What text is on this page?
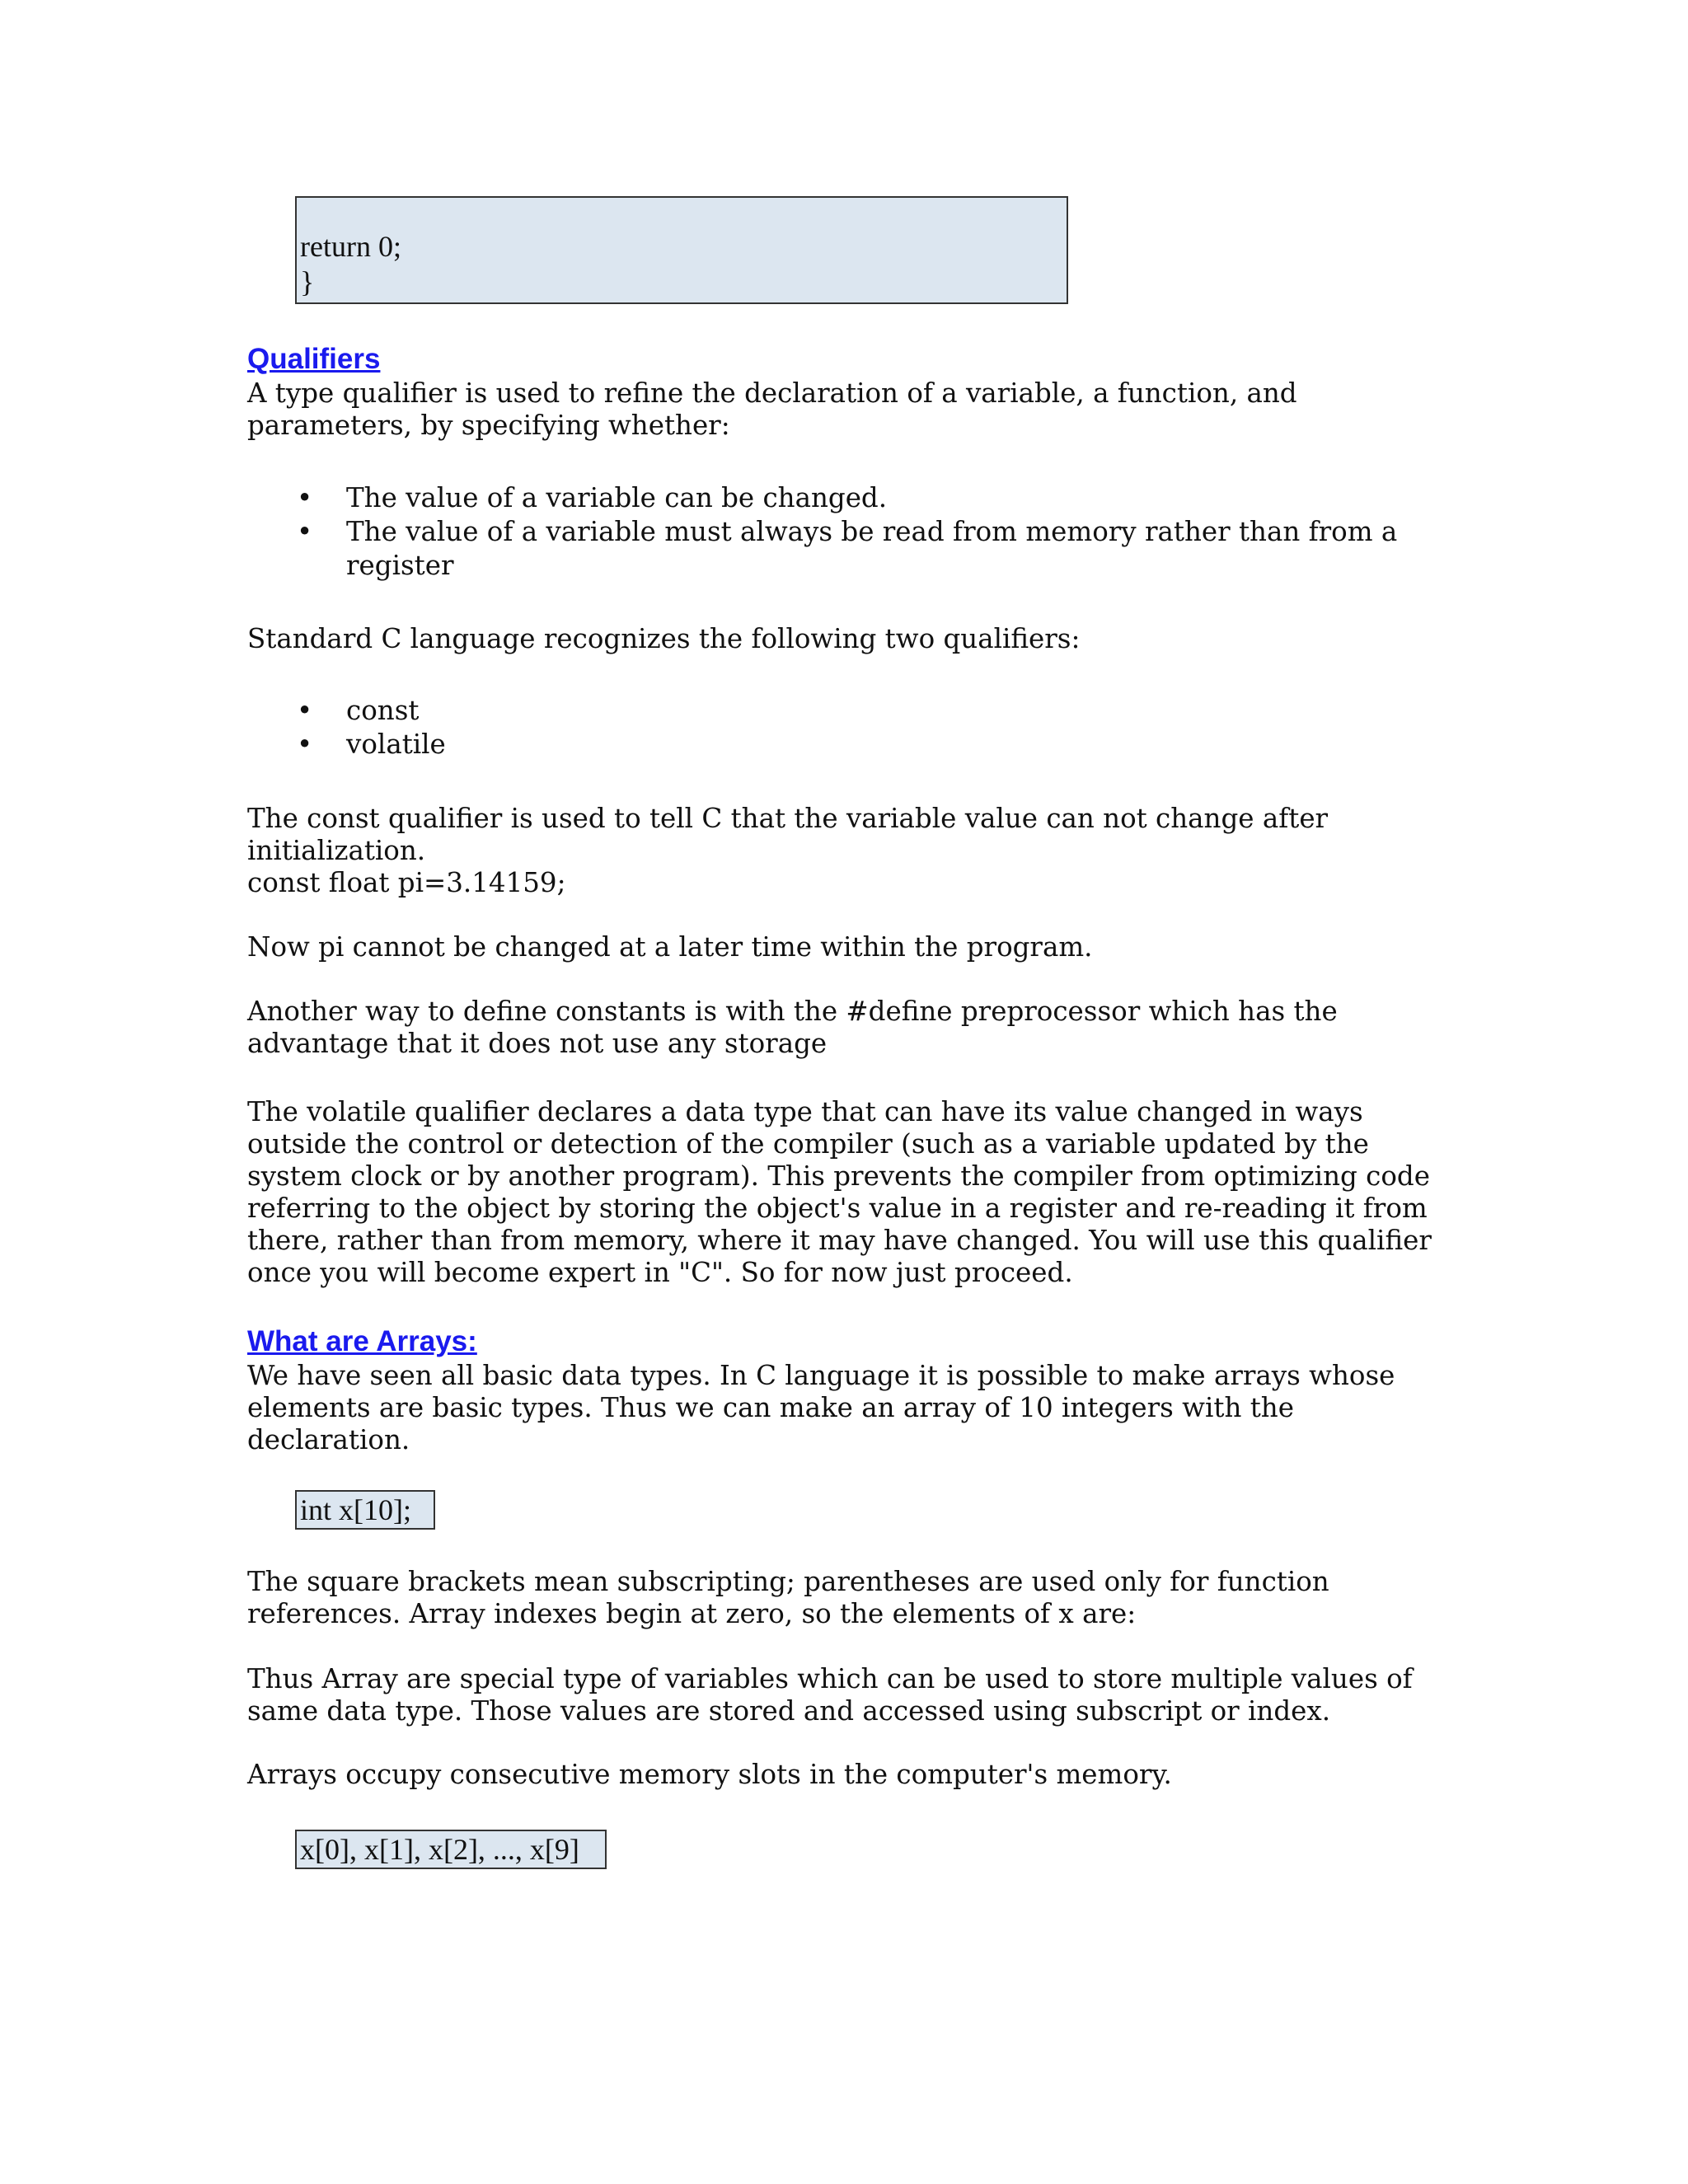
return 0;
}
Qualifiers

A type qualifier is used to refine the declaration of a variable, a function, and parameters, by specifying whether:

• The value of a variable can be changed.
• The value of a variable must always be read from memory rather than from a register

Standard C language recognizes the following two qualifiers:

• const
• volatile

The const qualifier is used to tell C that the variable value can not change after initialization.

const float pi=3.14159;

Now pi cannot be changed at a later time within the program.

Another way to define constants is with the #define preprocessor which has the advantage that it does not use any storage

The volatile qualifier declares a data type that can have its value changed in ways outside the control or detection of the compiler (such as a variable updated by the system clock or by another program). This prevents the compiler from optimizing code referring to the object by storing the object's value in a register and re-reading it from there, rather than from memory, where it may have changed. You will use this qualifier once you will become expert in "C". So for now just proceed.

What are Arrays:

We have seen all basic data types. In C language it is possible to make arrays whose elements are basic types. Thus we can make an array of 10 integers with the declaration.

int x[10];

The square brackets mean subscripting; parentheses are used only for function references. Array indexes begin at zero, so the elements of x are:

Thus Array are special type of variables which can be used to store multiple values of same data type. Those values are stored and accessed using subscript or index.

Arrays occupy consecutive memory slots in the computer's memory.

x[0], x[1], x[2], ..., x[9]
